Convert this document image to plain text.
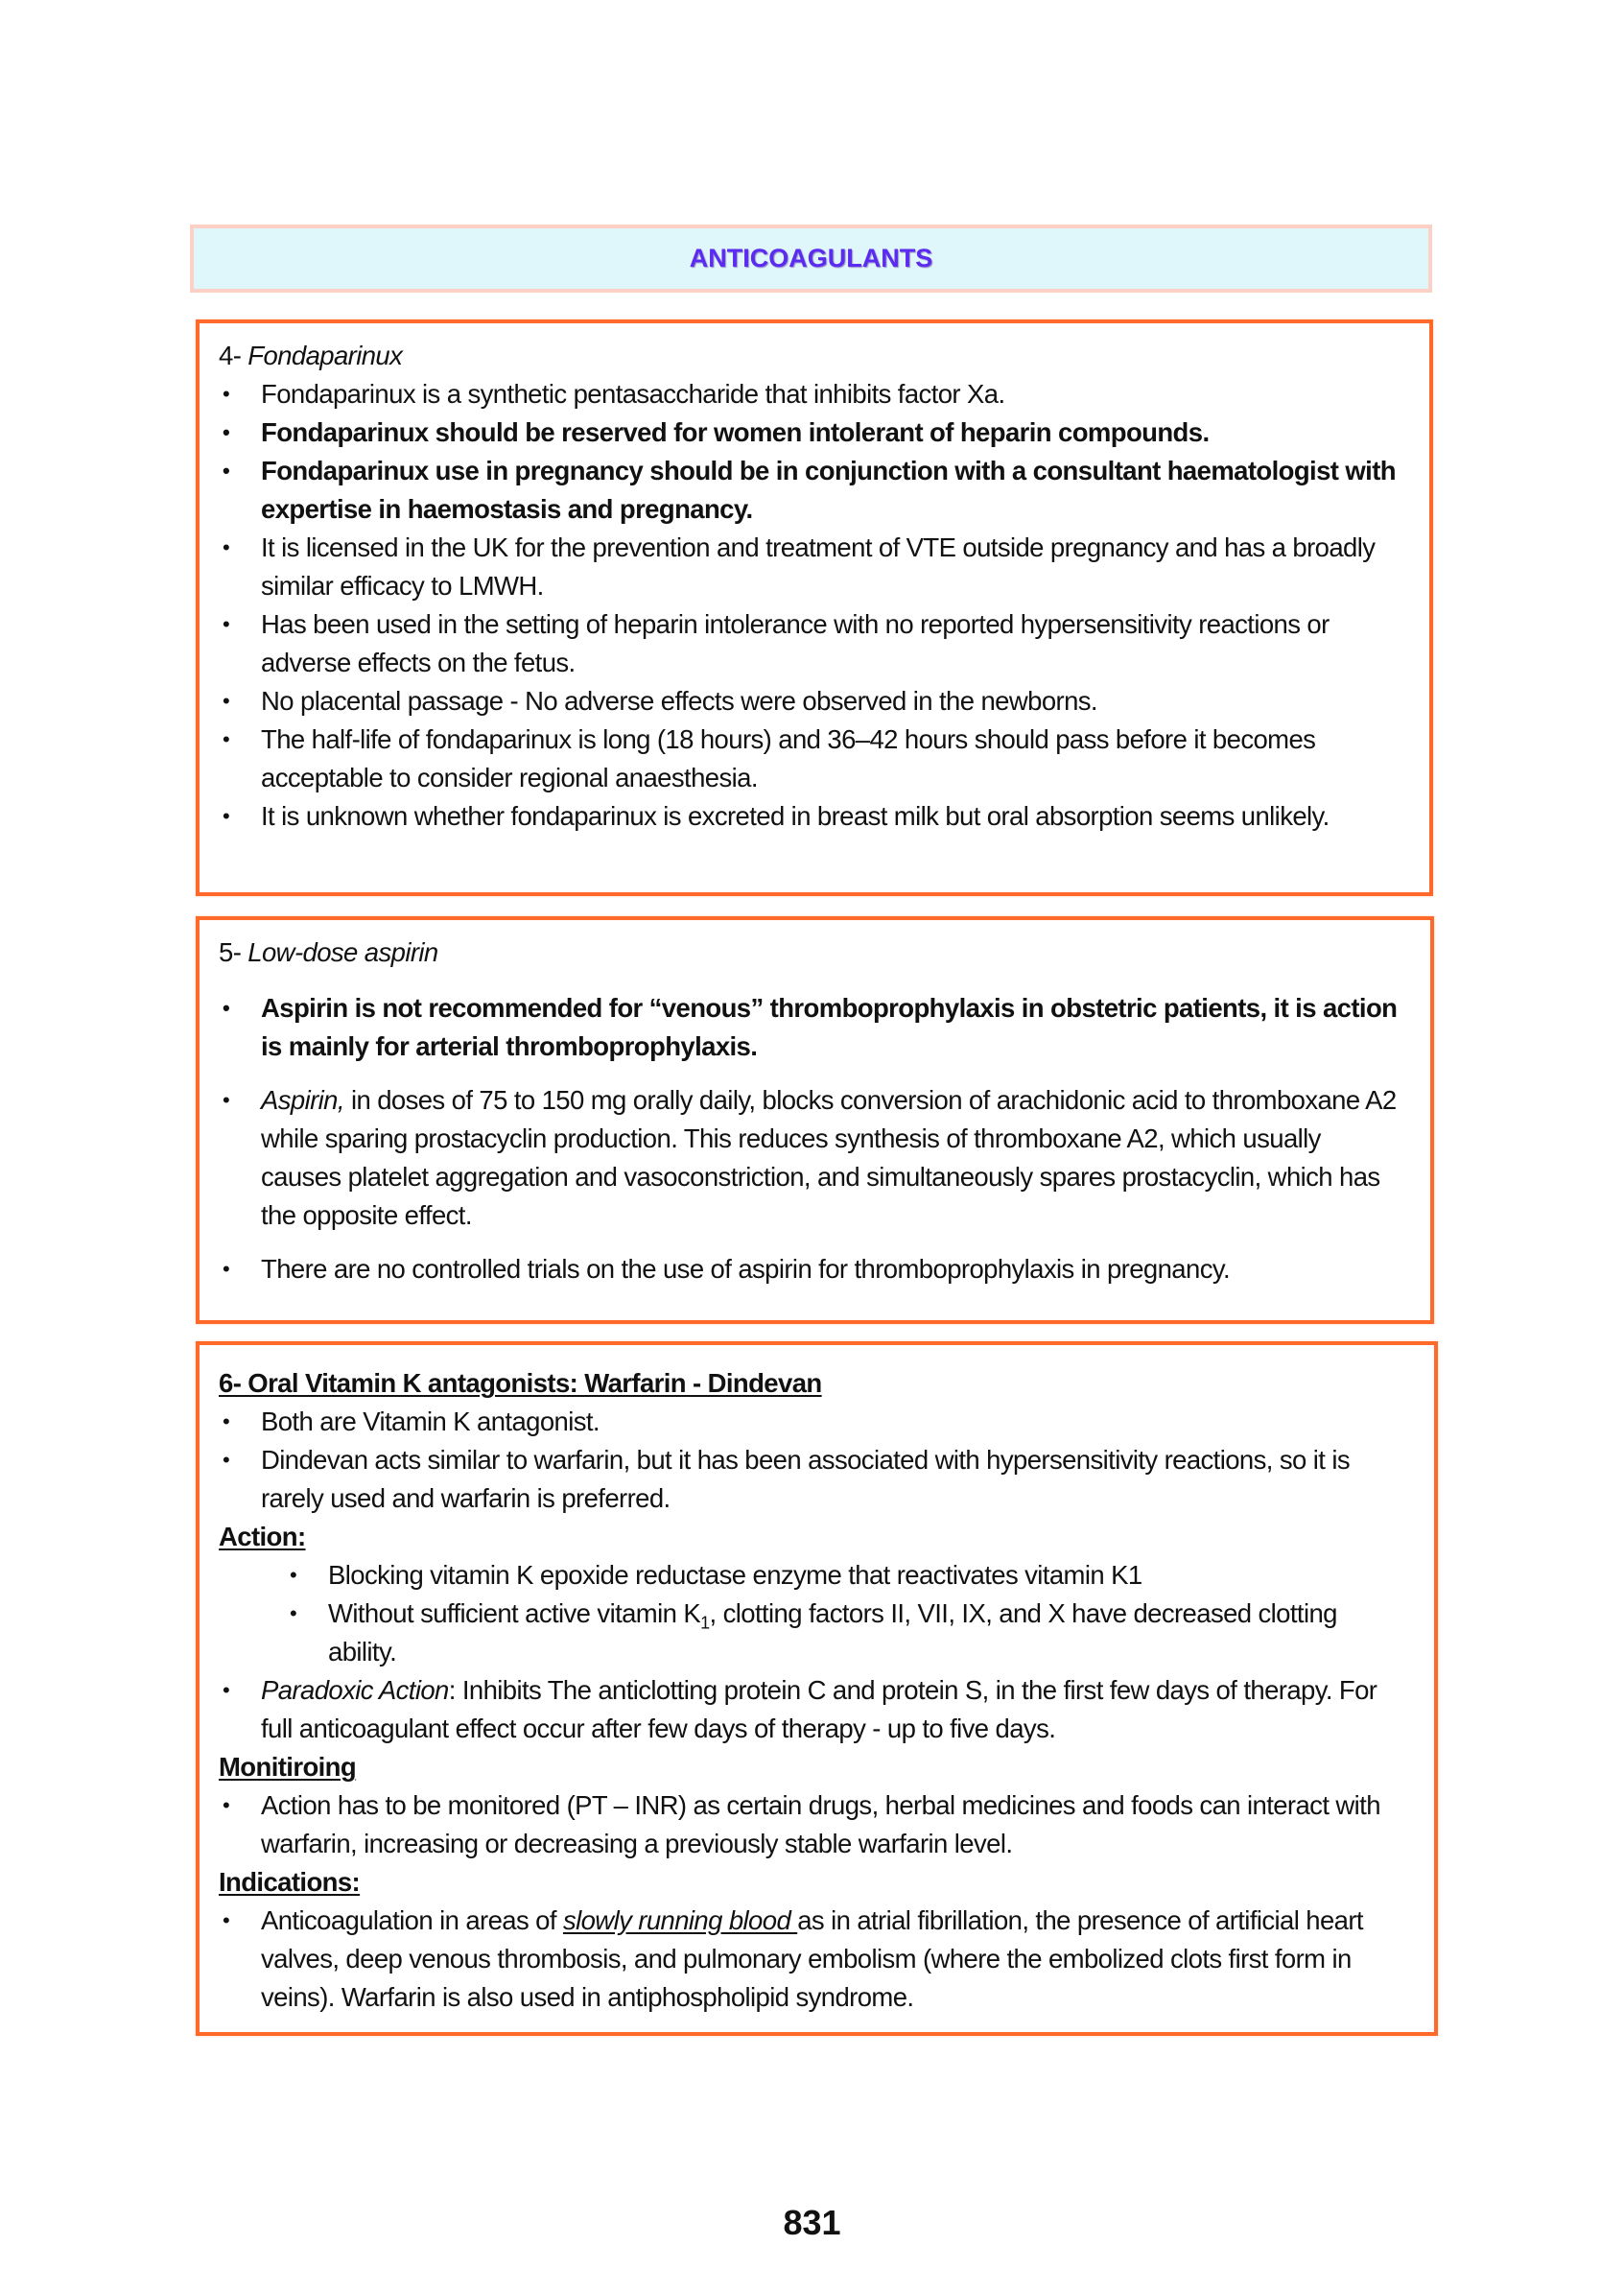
ANTICOAGULANTS

4- Fondaparinux

• Fondaparinux is a synthetic pentasaccharide that inhibits factor Xa.
• Fondaparinux should be reserved for women intolerant of heparin compounds.
• Fondaparinux use in pregnancy should be in conjunction with a consultant haematologist with expertise in haemostasis and pregnancy.
• It is licensed in the UK for the prevention and treatment of VTE outside pregnancy and has a broadly similar efficacy to LMWH.
• Has been used in the setting of heparin intolerance with no reported hypersensitivity reactions or adverse effects on the fetus.
• No placental passage - No adverse effects were observed in the newborns.
• The half-life of fondaparinux is long (18 hours) and 36–42 hours should pass before it becomes acceptable to consider regional anaesthesia.
• It is unknown whether fondaparinux is excreted in breast milk but oral absorption seems unlikely.

5- Low-dose aspirin

• Aspirin is not recommended for “venous” thromboprophylaxis in obstetric patients, it is action is mainly for arterial thromboprophylaxis.
• Aspirin, in doses of 75 to 150 mg orally daily, blocks conversion of arachidonic acid to thromboxane A2 while sparing prostacyclin production. This reduces synthesis of thromboxane A2, which usually causes platelet aggregation and vasoconstriction, and simultaneously spares prostacyclin, which has the opposite effect.
• There are no controlled trials on the use of aspirin for thromboprophylaxis in pregnancy.

6- Oral Vitamin K antagonists: Warfarin - Dindevan

• Both are Vitamin K antagonist.
• Dindevan acts similar to warfarin, but it has been associated with hypersensitivity reactions, so it is rarely used and warfarin is preferred.

Action:

• Blocking vitamin K epoxide reductase enzyme that reactivates vitamin K1
• Without sufficient active vitamin $K_1$, clotting factors II, VII, IX, and X have decreased clotting ability.
• Paradoxic Action: Inhibits The anticlotting protein C and protein S, in the first few days of therapy. For full anticoagulant effect occur after few days of therapy - up to five days.

Monitiroing

• Action has to be monitored (PT – INR) as certain drugs, herbal medicines and foods can interact with warfarin, increasing or decreasing a previously stable warfarin level.

Indications:

• Anticoagulation in areas of slowly running blood as in atrial fibrillation, the presence of artificial heart valves, deep venous thrombosis, and pulmonary embolism (where the embolized clots first form in veins). Warfarin is also used in antiphospholipid syndrome.
831
